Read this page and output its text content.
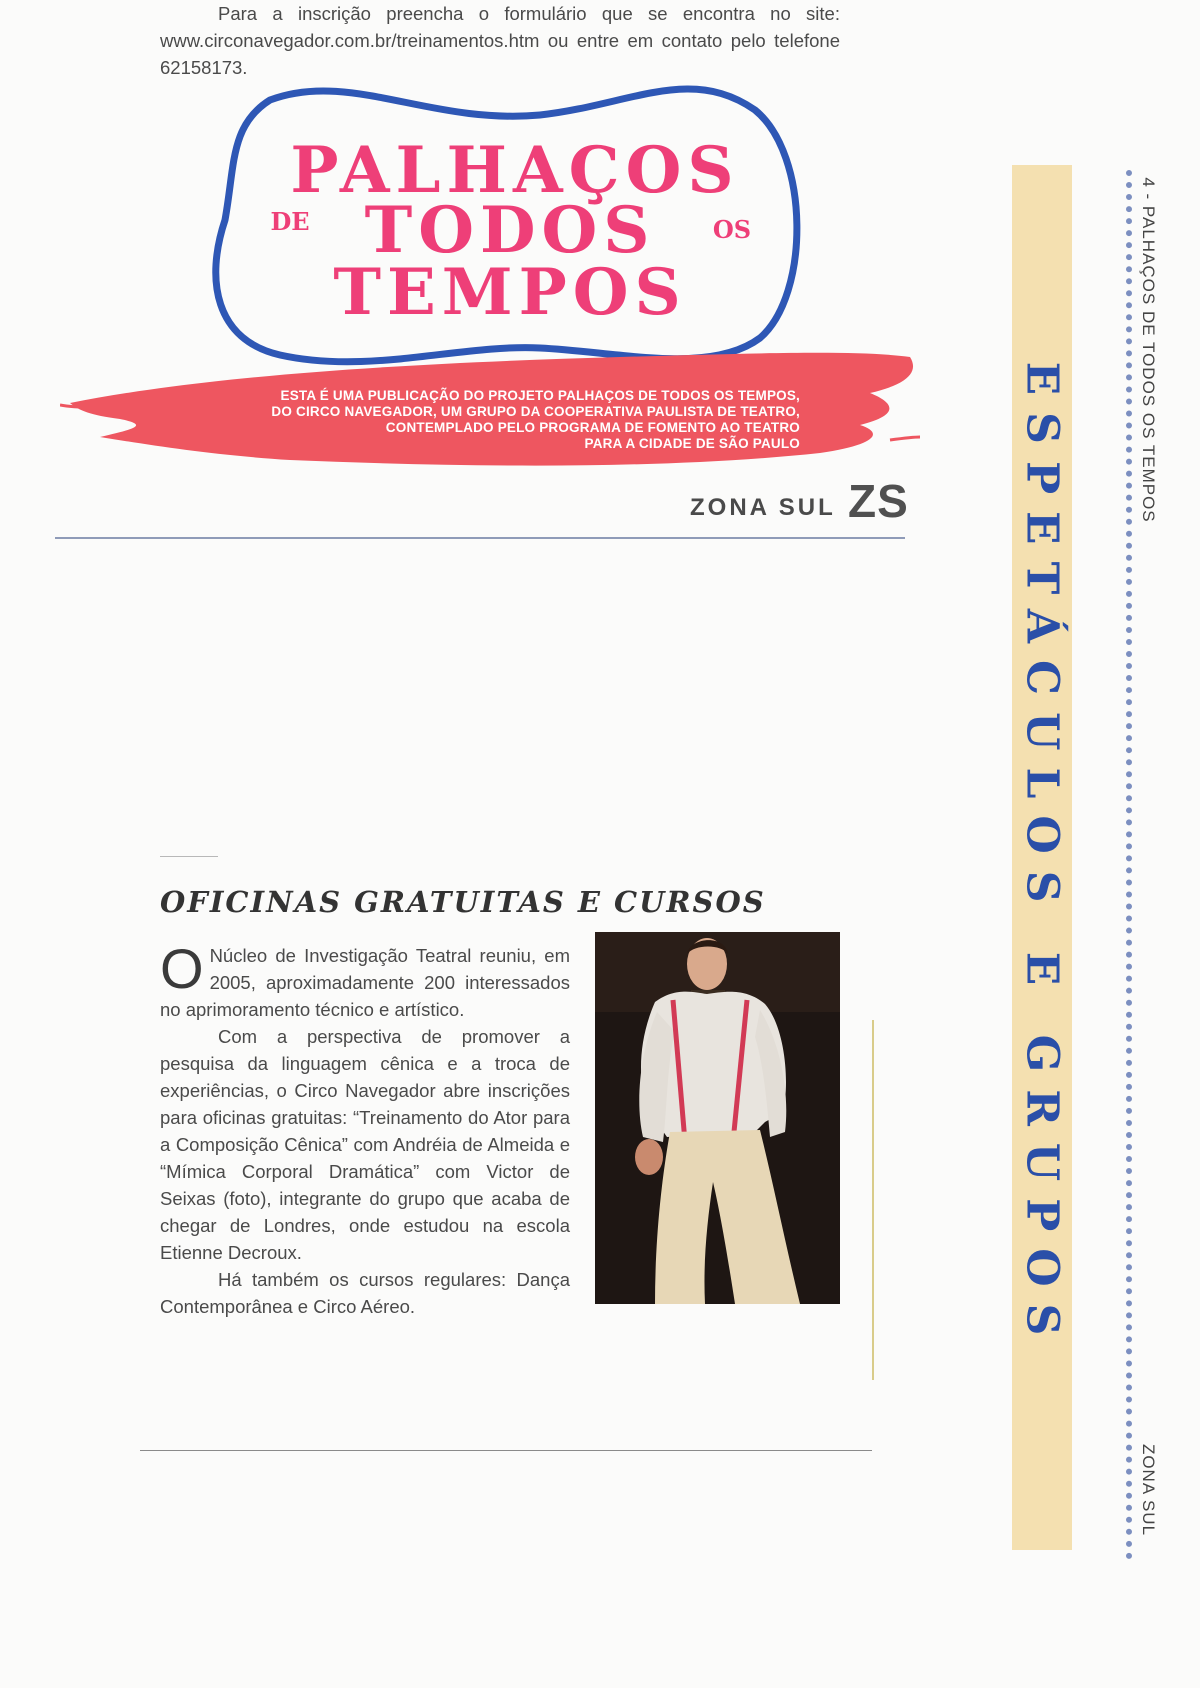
PALHAÇOS
DE TODOS OS
TEMPOS
ESTA É UMA PUBLICAÇÃO DO PROJETO PALHAÇOS DE TODOS OS TEMPOS,
DO CIRCO NAVEGADOR, UM GRUPO DA COOPERATIVA PAULISTA DE TEATRO,
CONTEMPLADO PELO PROGRAMA DE FOMENTO AO TEATRO
PARA A CIDADE DE SÃO PAULO
ZONA SUL ZS
OFICINAS GRATUITAS E CURSOS

O Núcleo de Investigação Teatral reuniu, em 2005, aproximadamente 200 interessados no aprimoramento técnico e artístico.

Com a perspectiva de promover a pesquisa da linguagem cênica e a troca de experiências, o Circo Navegador abre inscrições para oficinas gratuitas: “Treinamento do Ator para a Composição Cênica” com Andréia de Almeida e “Mímica Corporal Dramática” com Victor de Seixas (foto), integrante do grupo que acaba de chegar de Londres, onde estudou na escola Etienne Decroux.

Há também os cursos regulares: Dança Contemporânea e Circo Aéreo.

Para a inscrição preencha o formulário que se encontra no site: www.circonavegador.com.br/treinamentos.htm ou entre em contato pelo telefone 62158173.

ESPETÁCULOS E GRUPOS
4 - PALHAÇOS DE TODOS OS TEMPOS
ZONA SUL
